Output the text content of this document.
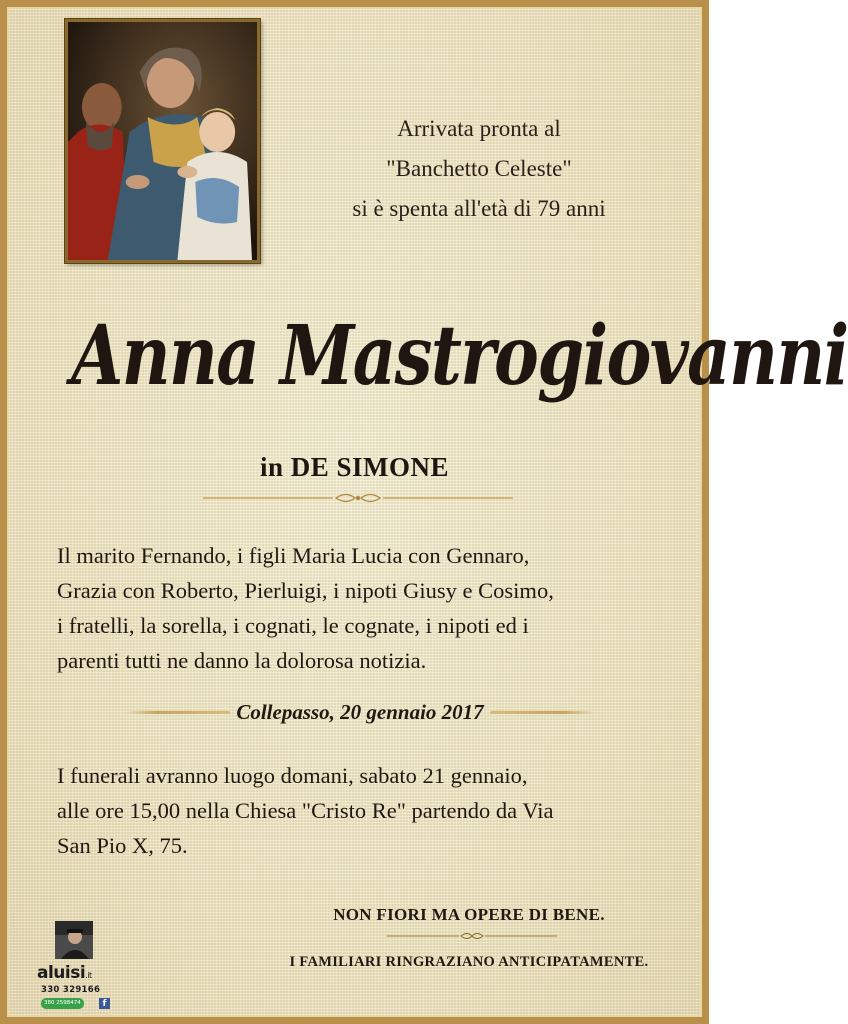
Arrivata pronta al
"Banchetto Celeste"
si è spenta all'età di 79 anni
Anna Mastrogiovanni
in DE SIMONE
Il marito Fernando, i figli Maria Lucia con Gennaro,
Grazia con Roberto, Pierluigi, i nipoti Giusy e Cosimo,
i fratelli, la sorella, i cognati, le cognate, i nipoti ed i
parenti tutti ne danno la dolorosa notizia.
Collepasso, 20 gennaio 2017
I funerali avranno luogo domani, sabato 21 gennaio,
alle ore 15,00 nella Chiesa "Cristo Re" partendo da Via
San Pio X, 75.
NON FIORI MA OPERE DI BENE.
I FAMILIARI RINGRAZIANO ANTICIPATAMENTE.
aluisi.it
330 329166
380 2598474	f
